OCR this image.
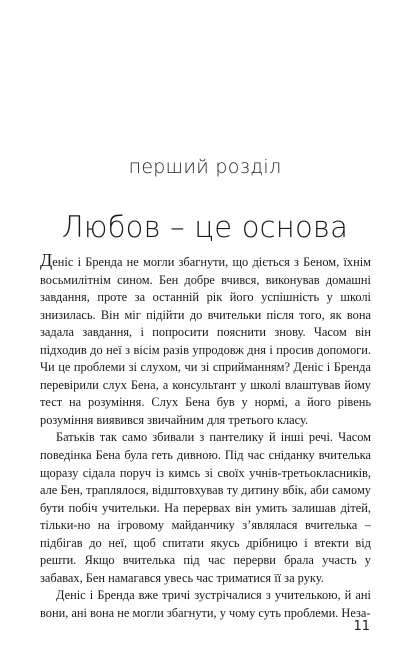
перший розділ
Любов – це основа

Деніс і Бренда не могли збагнути, що діється з Беном, їхнім восьмилітнім сином. Бен добре вчився, виконував домашні завдання, проте за останній рік його успішність у школі знизилась. Він міг підійти до вчительки після того, як вона задала завдання, і попросити пояснити знову. Часом він підходив до неї з вісім разів упродовж дня і просив допомоги. Чи це проблеми зі слухом, чи зі сприйманням? Деніс і Бренда перевірили слух Бена, а консультант у школі влаштував йому тест на розуміння. Слух Бена був у нормі, а його рівень розуміння виявився звичайним для третього класу.

Батьків так само збивали з пантелику й інші речі. Часом поведінка Бена була геть дивною. Під час сніданку вчителька щоразу сідала поруч із кимсь зі своїх учнів-третьокласників, але Бен, траплялося, відштовхував ту дитину вбік, аби самому бути побіч учительки. На перервах він умить залишав дітей, тільки-но на ігровому майданчику з’являлася вчителька – підбігав до неї, щоб спитати якусь дрібницю і втекти від решти. Якщо вчителька під час перерви брала участь у забавах, Бен намагався увесь час триматися її за руку.

Деніс і Бренда вже тричі зустрічалися з учителькою, й ані вони, ані вона не могли збагнути, у чому суть проблеми. Неза-

11
